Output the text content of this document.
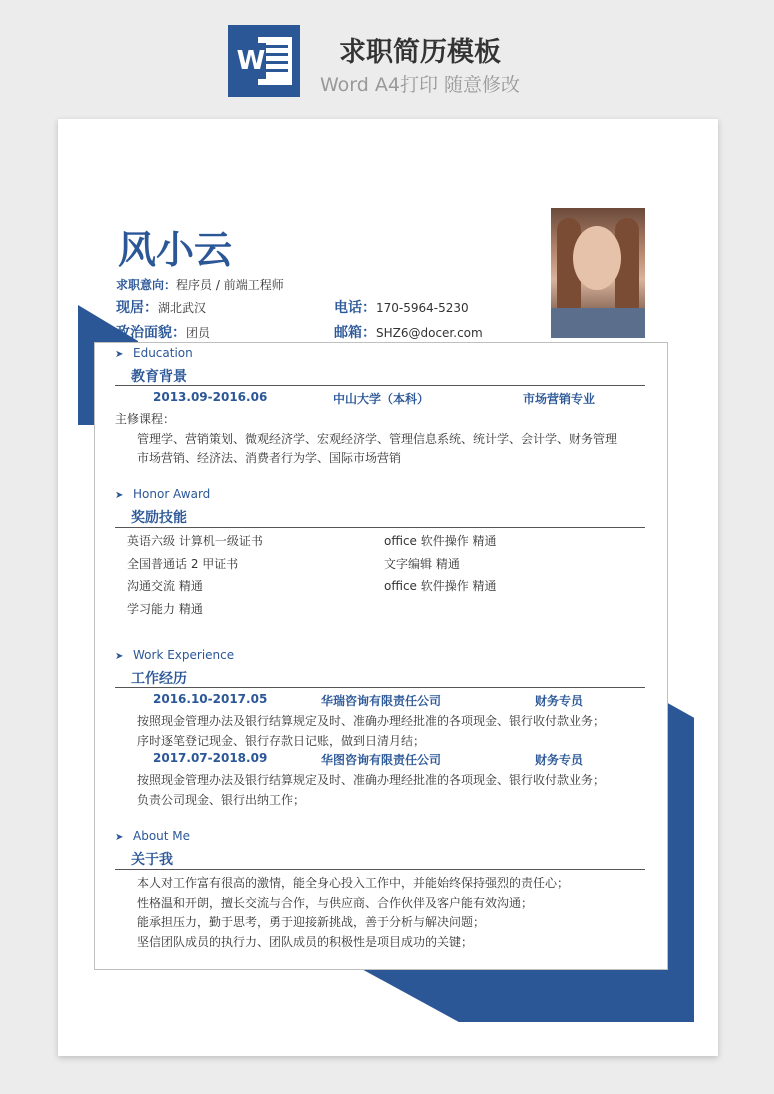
W	求职简历模板
Word A4打印 随意修改
风小云
求职意向：程序员 / 前端工程师
现居：湖北武汉	电话：170-5964-5230
政治面貌：团员	邮箱：SHZ6@docer.com
➤ Education
教育背景
2013.09-2016.06	中山大学（本科）	市场营销专业
主修课程：
管理学、营销策划、微观经济学、宏观经济学、管理信息系统、统计学、会计学、财务管理
市场营销、经济法、消费者行为学、国际市场营销
➤ Honor Award
奖励技能
英语六级 计算机一级证书	office 软件操作 精通
全国普通话 2 甲证书	文字编辑 精通
沟通交流 精通	office 软件操作 精通
学习能力 精通
➤ Work Experience
工作经历
2016.10-2017.05	华瑞咨询有限责任公司	财务专员
按照现金管理办法及银行结算规定及时、准确办理经批准的各项现金、银行收付款业务；
序时逐笔登记现金、银行存款日记账，做到日清月结；
2017.07-2018.09	华图咨询有限责任公司	财务专员
按照现金管理办法及银行结算规定及时、准确办理经批准的各项现金、银行收付款业务；
负责公司现金、银行出纳工作；
➤ About Me
关于我
本人对工作富有很高的激情，能全身心投入工作中，并能始终保持强烈的责任心；
性格温和开朗，擅长交流与合作，与供应商、合作伙伴及客户能有效沟通；
能承担压力，勤于思考，勇于迎接新挑战，善于分析与解决问题；
坚信团队成员的执行力、团队成员的积极性是项目成功的关键；
